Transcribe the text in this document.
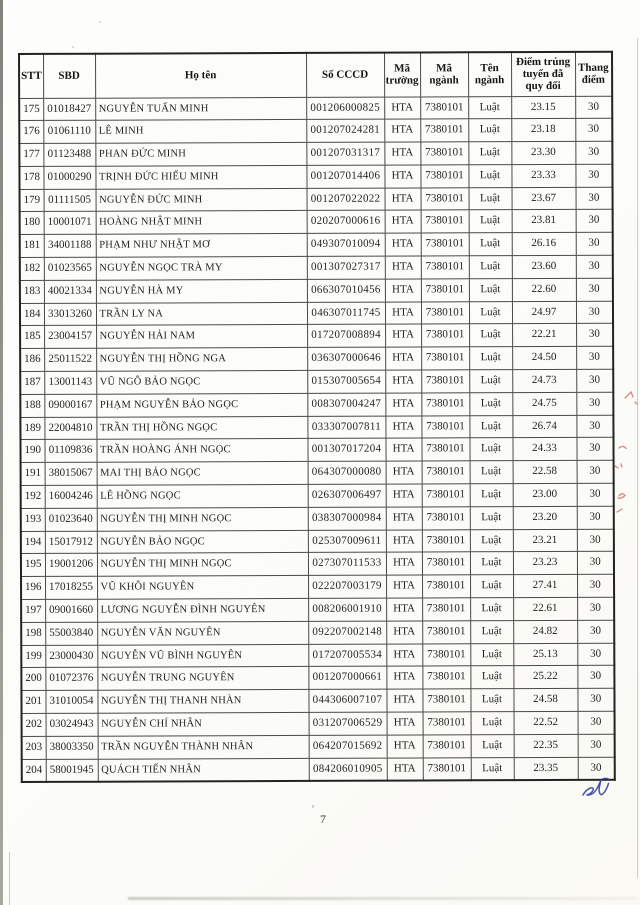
STT	SBD	Họ tên	Số CCCD	Mã trường	Mã ngành	Tên ngành	Điểm trúng tuyển đã quy đổi	Thang điểm
175	01018427	NGUYỄN TUẤN MINH	001206000825	HTA	7380101	Luật	23.15	30
176	01061110	LÊ MINH	001207024281	HTA	7380101	Luật	23.18	30
177	01123488	PHAN ĐỨC MINH	001207031317	HTA	7380101	Luật	23.30	30
178	01000290	TRỊNH ĐỨC HIẾU MINH	001207014406	HTA	7380101	Luật	23.33	30
179	01111505	NGUYỄN ĐỨC MINH	001207022022	HTA	7380101	Luật	23.67	30
180	10001071	HOÀNG NHẬT MINH	020207000616	HTA	7380101	Luật	23.81	30
181	34001188	PHẠM NHƯ NHẬT MƠ	049307010094	HTA	7380101	Luật	26.16	30
182	01023565	NGUYỄN NGỌC TRÀ MY	001307027317	HTA	7380101	Luật	23.60	30
183	40021334	NGUYỄN HÀ MY	066307010456	HTA	7380101	Luật	22.60	30
184	33013260	TRẦN LY NA	046307011745	HTA	7380101	Luật	24.97	30
185	23004157	NGUYỄN HẢI NAM	017207008894	HTA	7380101	Luật	22.21	30
186	25011522	NGUYỄN THỊ HỒNG NGA	036307000646	HTA	7380101	Luật	24.50	30
187	13001143	VŨ NGÔ BẢO NGỌC	015307005654	HTA	7380101	Luật	24.73	30
188	09000167	PHẠM NGUYỄN BẢO NGỌC	008307004247	HTA	7380101	Luật	24.75	30
189	22004810	TRẦN THỊ HỒNG NGỌC	033307007811	HTA	7380101	Luật	26.74	30
190	01109836	TRẦN HOÀNG ÁNH NGỌC	001307017204	HTA	7380101	Luật	24.33	30
191	38015067	MAI THỊ BẢO NGỌC	064307000080	HTA	7380101	Luật	22.58	30
192	16004246	LÊ HỒNG NGỌC	026307006497	HTA	7380101	Luật	23.00	30
193	01023640	NGUYỄN THỊ MINH NGỌC	038307000984	HTA	7380101	Luật	23.20	30
194	15017912	NGUYỄN BẢO NGỌC	025307009611	HTA	7380101	Luật	23.21	30
195	19001206	NGUYỄN THỊ MINH NGỌC	027307011533	HTA	7380101	Luật	23.23	30
196	17018255	VŨ KHÔI NGUYÊN	022207003179	HTA	7380101	Luật	27.41	30
197	09001660	LƯƠNG NGUYỄN ĐÌNH NGUYÊN	008206001910	HTA	7380101	Luật	22.61	30
198	55003840	NGUYỄN VĂN NGUYÊN	092207002148	HTA	7380101	Luật	24.82	30
199	23000430	NGUYỄN VŨ BÌNH NGUYÊN	017207005534	HTA	7380101	Luật	25.13	30
200	01072376	NGUYỄN TRUNG NGUYÊN	001207000661	HTA	7380101	Luật	25.22	30
201	31010054	NGUYỄN THỊ THANH NHÀN	044306007107	HTA	7380101	Luật	24.58	30
202	03024943	NGUYỄN CHÍ NHÂN	031207006529	HTA	7380101	Luật	22.52	30
203	38003350	TRẦN NGUYỄN THÀNH NHÂN	064207015692	HTA	7380101	Luật	22.35	30
204	58001945	QUÁCH TIẾN NHÂN	084206010905	HTA	7380101	Luật	23.35	30
7
